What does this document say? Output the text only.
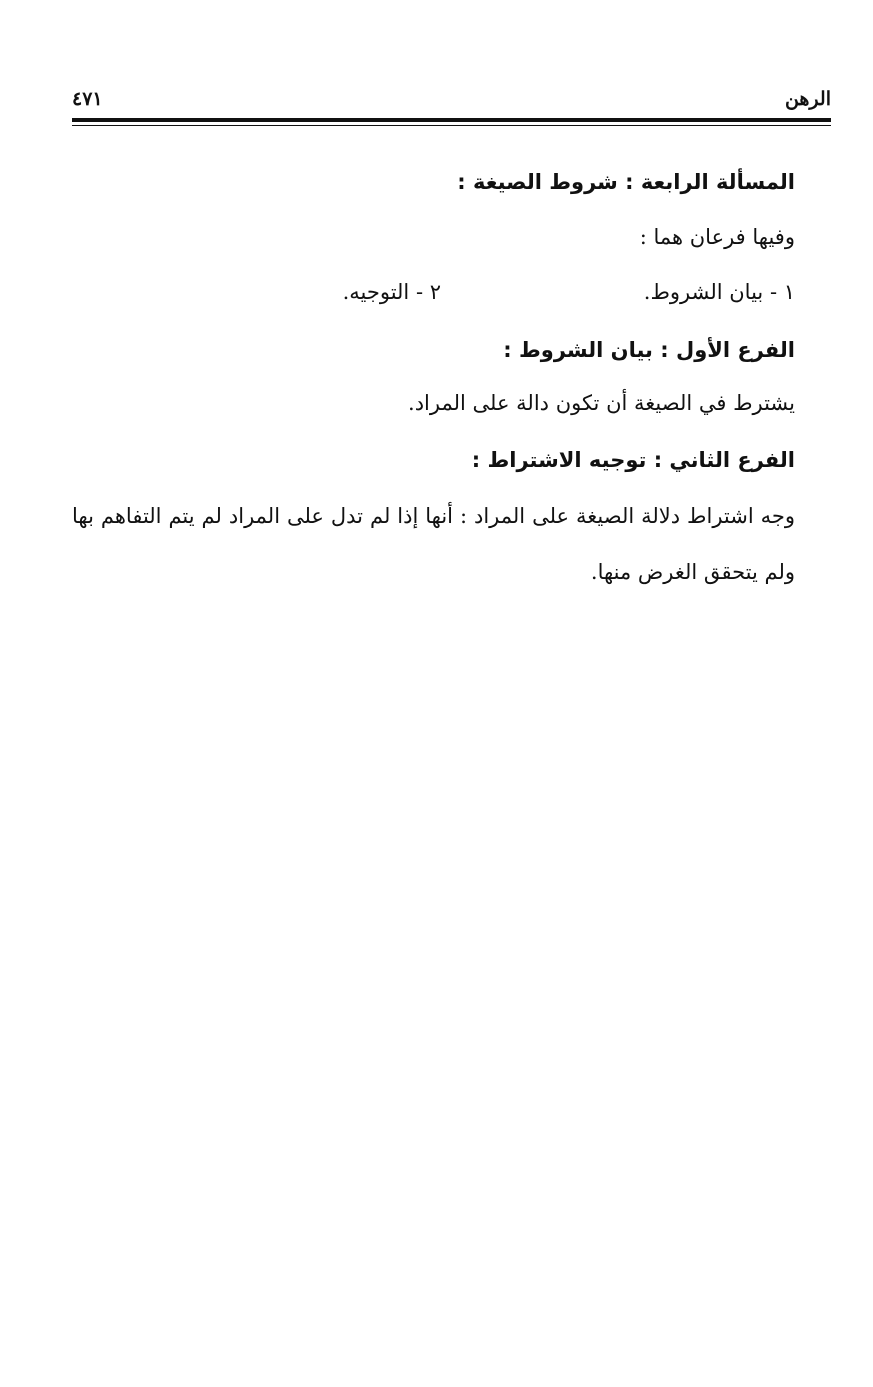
الرهن
٤٧١
المسألة الرابعة : شروط الصيغة :
وفيها فرعان هما :
١ - بيان الشروط.
٢ - التوجيه.
الفرع الأول : بيان الشروط :
يشترط في الصيغة أن تكون دالة على المراد.
الفرع الثاني : توجيه الاشتراط :
وجه اشتراط دلالة الصيغة على المراد : أنها إذا لم تدل على المراد لم يتم التفاهم بها ولم يتحقق الغرض منها.
